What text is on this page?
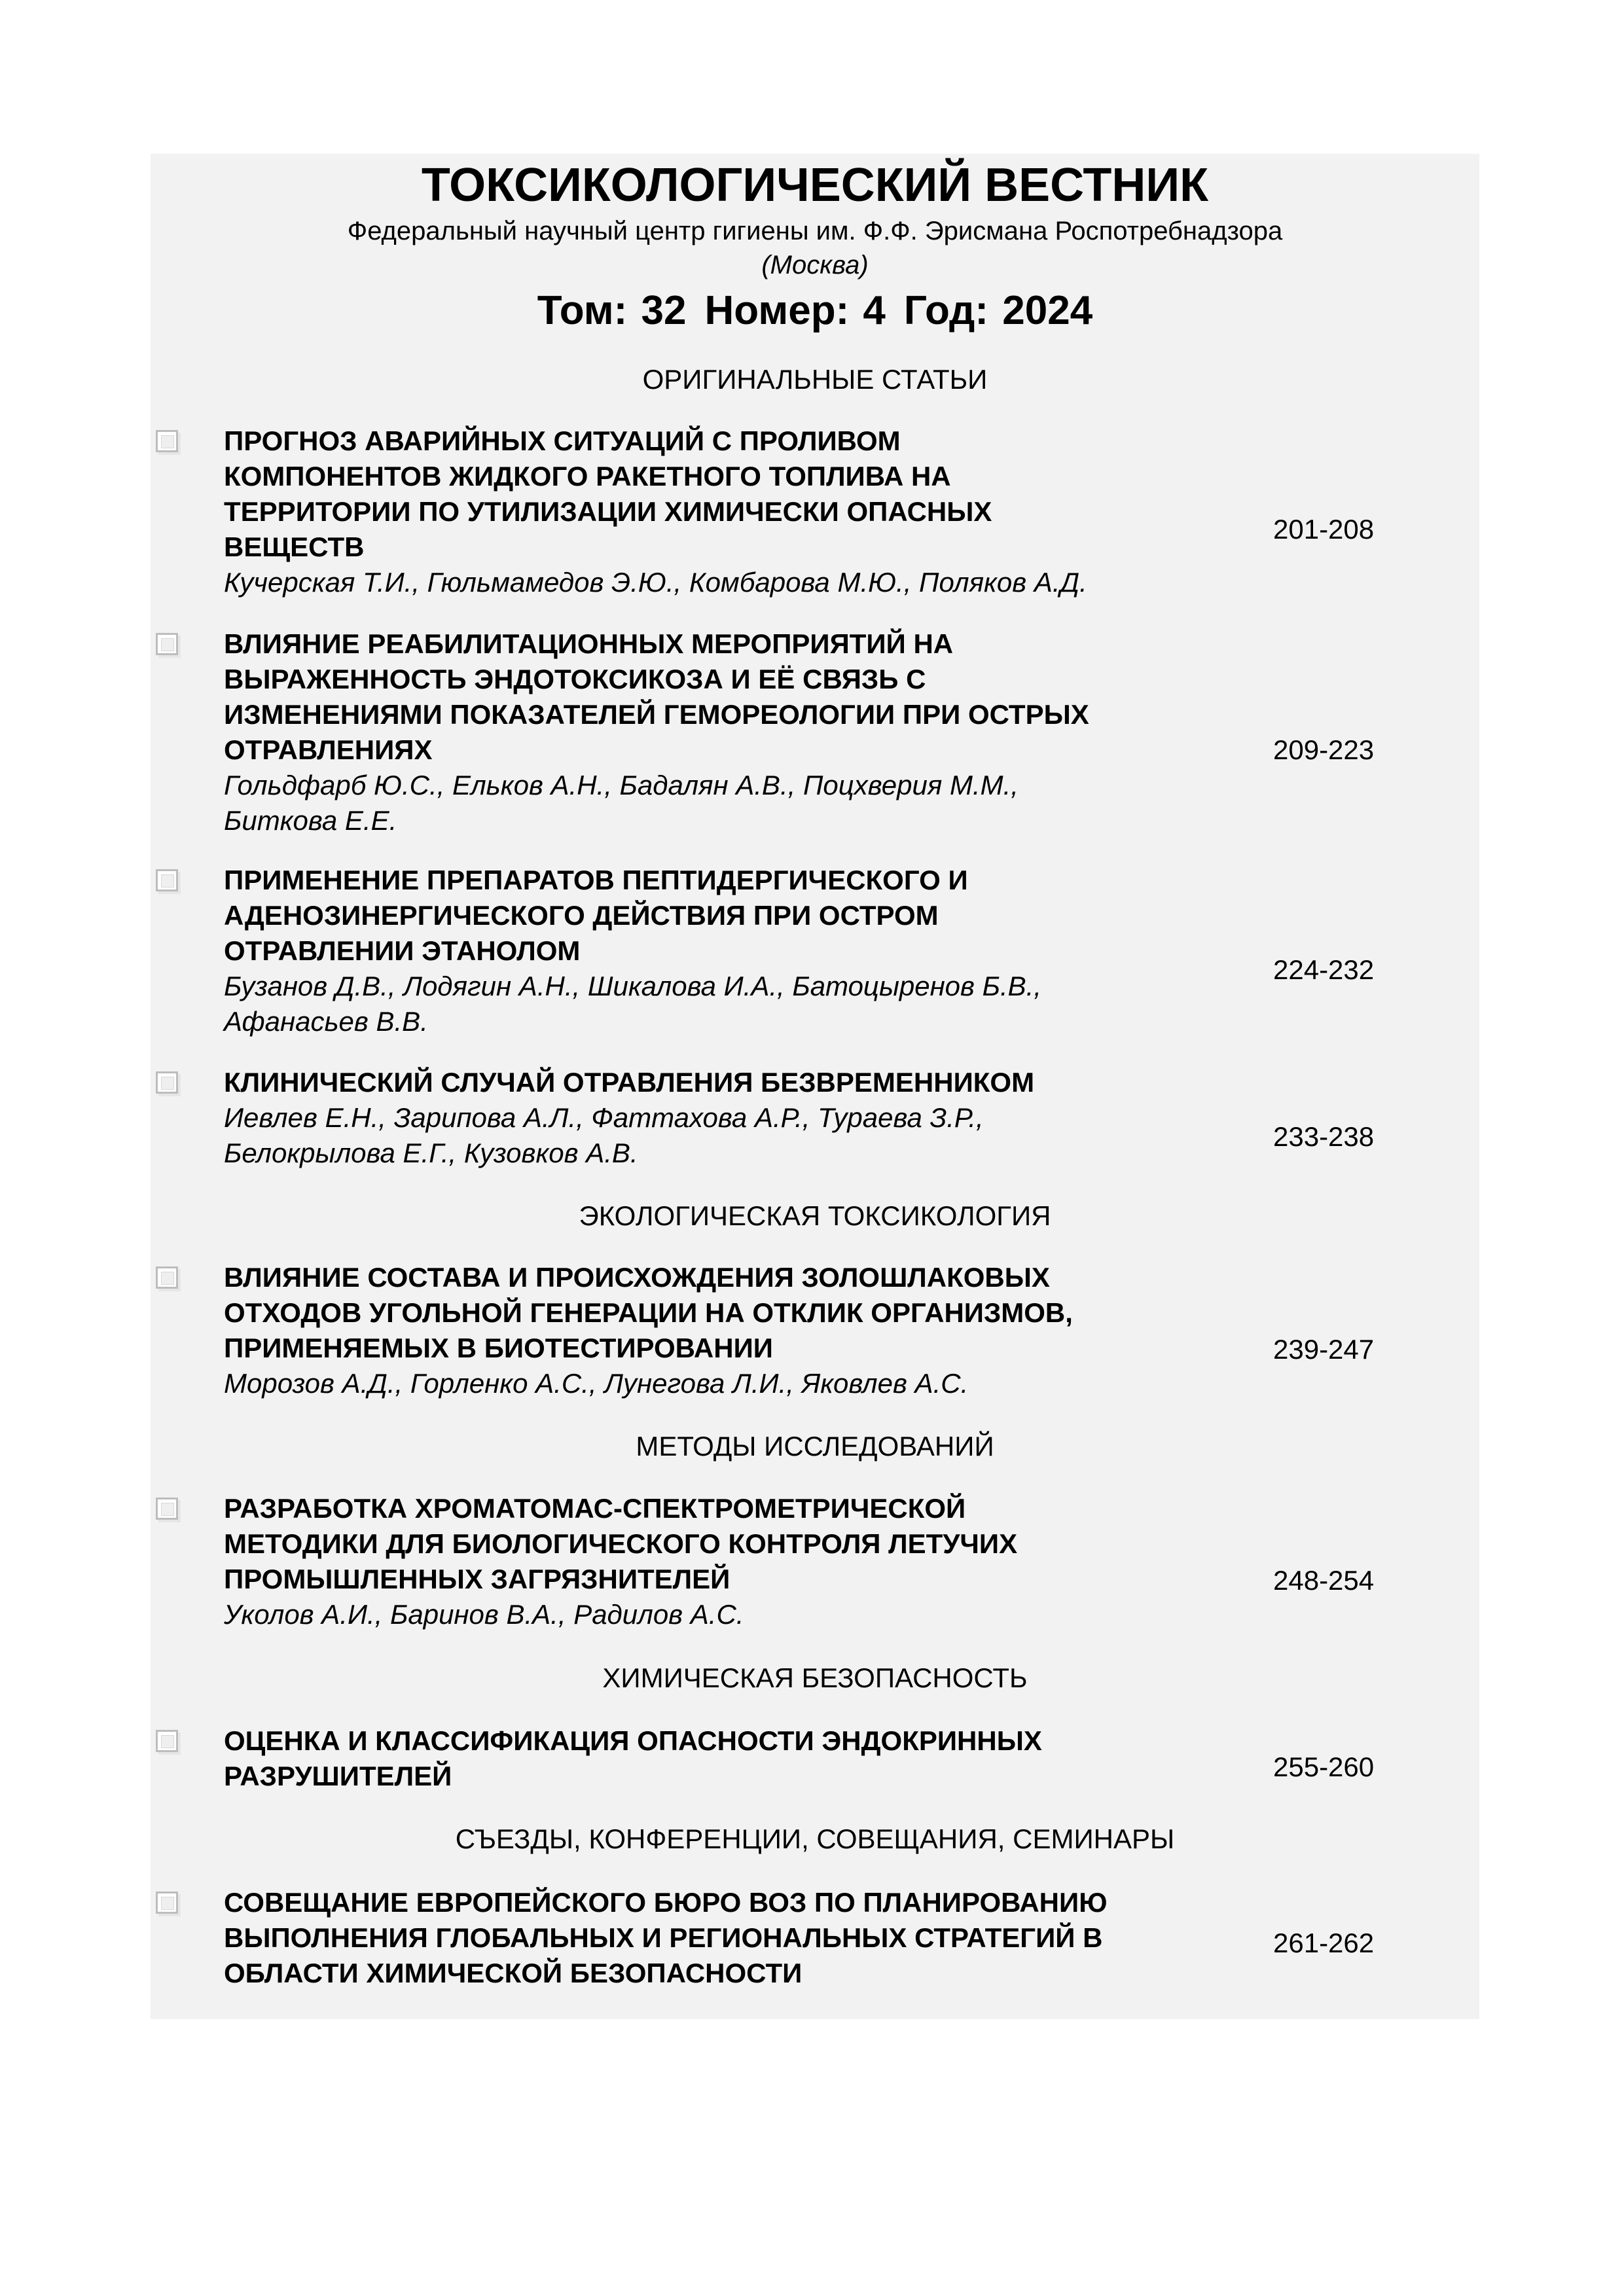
ТОКСИКОЛОГИЧЕСКИЙ ВЕСТНИК
Федеральный научный центр гигиены им. Ф.Ф. Эрисмана Роспотребнадзора
(Москва)
Том: 32 Номер: 4 Год: 2024
ОРИГИНАЛЬНЫЕ СТАТЬИ
ЭКОЛОГИЧЕСКАЯ ТОКСИКОЛОГИЯ
МЕТОДЫ ИССЛЕДОВАНИЙ
ХИМИЧЕСКАЯ БЕЗОПАСНОСТЬ
СЪЕЗДЫ, КОНФЕРЕНЦИИ, СОВЕЩАНИЯ, СЕМИНАРЫ
ПРОГНОЗ АВАРИЙНЫХ СИТУАЦИЙ С ПРОЛИВОМ
КОМПОНЕНТОВ ЖИДКОГО РАКЕТНОГО ТОПЛИВА НА
ТЕРРИТОРИИ ПО УТИЛИЗАЦИИ ХИМИЧЕСКИ ОПАСНЫХ
ВЕЩЕСТВ
Кучерская Т.И., Гюльмамедов Э.Ю., Комбарова М.Ю., Поляков А.Д.
201-208
ВЛИЯНИЕ РЕАБИЛИТАЦИОННЫХ МЕРОПРИЯТИЙ НА
ВЫРАЖЕННОСТЬ ЭНДОТОКСИКОЗА И ЕЁ СВЯЗЬ С
ИЗМЕНЕНИЯМИ ПОКАЗАТЕЛЕЙ ГЕМОРЕОЛОГИИ ПРИ ОСТРЫХ
ОТРАВЛЕНИЯХ
Гольдфарб Ю.С., Ельков А.Н., Бадалян А.В., Поцхверия М.М.,
Биткова Е.Е.
209-223
ПРИМЕНЕНИЕ ПРЕПАРАТОВ ПЕПТИДЕРГИЧЕСКОГО И
АДЕНОЗИНЕРГИЧЕСКОГО ДЕЙСТВИЯ ПРИ ОСТРОМ
ОТРАВЛЕНИИ ЭТАНОЛОМ
Бузанов Д.В., Лодягин А.Н., Шикалова И.А., Батоцыренов Б.В.,
Афанасьев В.В.
224-232
КЛИНИЧЕСКИЙ СЛУЧАЙ ОТРАВЛЕНИЯ БЕЗВРЕМЕННИКОМ
Иевлев Е.Н., Зарипова А.Л., Фаттахова А.Р., Тураева З.Р.,
Белокрылова Е.Г., Кузовков А.В.
233-238
ВЛИЯНИЕ СОСТАВА И ПРОИСХОЖДЕНИЯ ЗОЛОШЛАКОВЫХ
ОТХОДОВ УГОЛЬНОЙ ГЕНЕРАЦИИ НА ОТКЛИК ОРГАНИЗМОВ,
ПРИМЕНЯЕМЫХ В БИОТЕСТИРОВАНИИ
Морозов А.Д., Горленко А.С., Лунегова Л.И., Яковлев А.С.
239-247
РАЗРАБОТКА ХРОМАТОМАС-СПЕКТРОМЕТРИЧЕСКОЙ
МЕТОДИКИ ДЛЯ БИОЛОГИЧЕСКОГО КОНТРОЛЯ ЛЕТУЧИХ
ПРОМЫШЛЕННЫХ ЗАГРЯЗНИТЕЛЕЙ
Уколов А.И., Баринов В.А., Радилов А.С.
248-254
ОЦЕНКА И КЛАССИФИКАЦИЯ ОПАСНОСТИ ЭНДОКРИННЫХ
РАЗРУШИТЕЛЕЙ	255-260
СОВЕЩАНИЕ ЕВРОПЕЙСКОГО БЮРО ВОЗ ПО ПЛАНИРОВАНИЮ
ВЫПОЛНЕНИЯ ГЛОБАЛЬНЫХ И РЕГИОНАЛЬНЫХ СТРАТЕГИЙ В
ОБЛАСТИ ХИМИЧЕСКОЙ БЕЗОПАСНОСТИ
261-262
